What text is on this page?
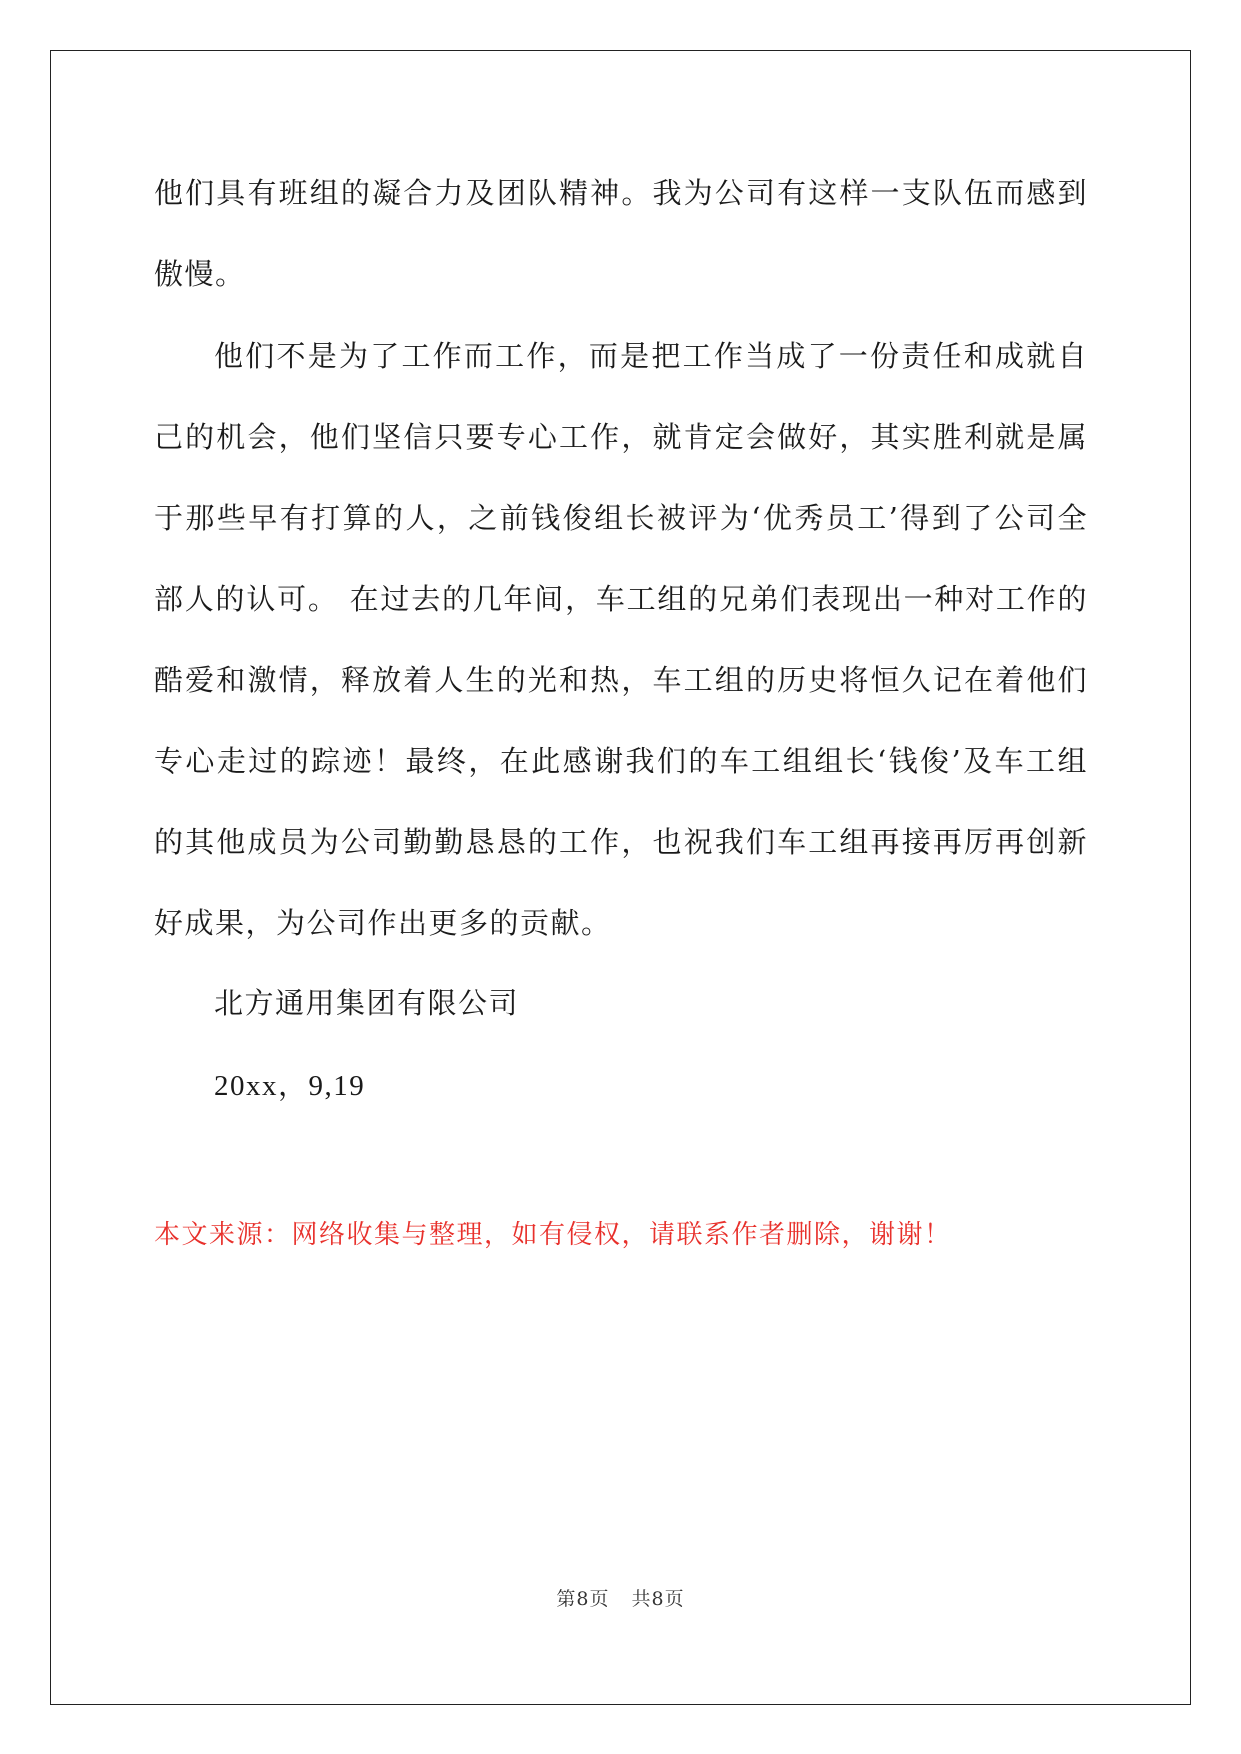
他们具有班组的凝合力及团队精神。我为公司有这样一支队伍而感到傲慢。

他们不是为了工作而工作，而是把工作当成了一份责任和成就自己的机会，他们坚信只要专心工作，就肯定会做好，其实胜利就是属于那些早有打算的人，之前钱俊组长被评为‘优秀员工’得到了公司全部人的认可。 在过去的几年间，车工组的兄弟们表现出一种对工作的酷爱和激情，释放着人生的光和热，车工组的历史将恒久记在着他们专心走过的踪迹！最终，在此感谢我们的车工组组长‘钱俊’及车工组的其他成员为公司勤勤恳恳的工作，也祝我们车工组再接再厉再创新好成果，为公司作出更多的贡献。

北方通用集团有限公司

20xx，9,19

本文来源：网络收集与整理，如有侵权，请联系作者删除，谢谢！

第8页 共8页
